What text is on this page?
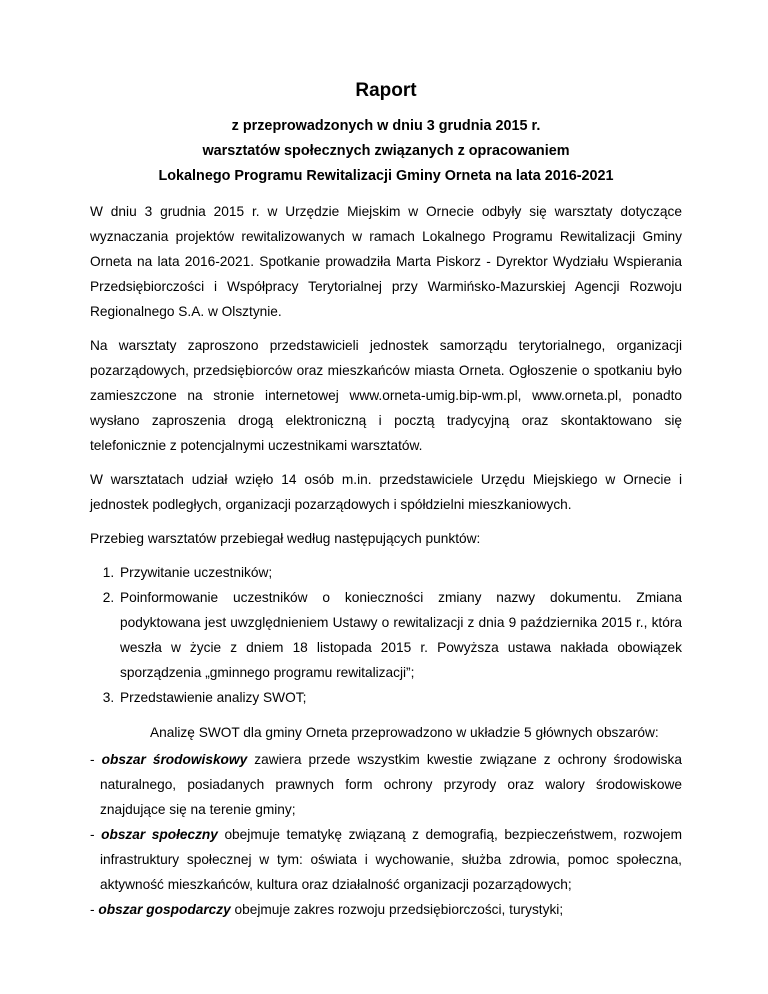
Raport
z przeprowadzonych w dniu 3 grudnia 2015 r.
warsztatów społecznych związanych z opracowaniem
Lokalnego Programu Rewitalizacji Gminy Orneta na lata 2016-2021

W dniu 3 grudnia 2015 r. w Urzędzie Miejskim w Ornecie odbyły się warsztaty dotyczące wyznaczania projektów rewitalizowanych w ramach Lokalnego Programu Rewitalizacji Gminy Orneta na lata 2016-2021. Spotkanie prowadziła Marta Piskorz - Dyrektor Wydziału Wspierania Przedsiębiorczości i Współpracy Terytorialnej przy Warmińsko-Mazurskiej Agencji Rozwoju Regionalnego S.A. w Olsztynie.

Na warsztaty zaproszono przedstawicieli jednostek samorządu terytorialnego, organizacji pozarządowych, przedsiębiorców oraz mieszkańców miasta Orneta. Ogłoszenie o spotkaniu było zamieszczone na stronie internetowej www.orneta-umig.bip-wm.pl, www.orneta.pl, ponadto wysłano zaproszenia drogą elektroniczną i pocztą tradycyjną oraz skontaktowano się telefonicznie z potencjalnymi uczestnikami warsztatów.

W warsztatach udział wzięło 14 osób m.in. przedstawiciele Urzędu Miejskiego w Ornecie i jednostek podległych, organizacji pozarządowych i spółdzielni mieszkaniowych.

Przebieg warsztatów przebiegał według następujących punktów:

1. Przywitanie uczestników;
2. Poinformowanie uczestników o konieczności zmiany nazwy dokumentu. Zmiana podyktowana jest uwzględnieniem Ustawy o rewitalizacji z dnia 9 października 2015 r., która weszła w życie z dniem 18 listopada 2015 r. Powyższa ustawa nakłada obowiązek sporządzenia „gminnego programu rewitalizacji”;
3. Przedstawienie analizy SWOT;

Analizę SWOT dla gminy Orneta przeprowadzono w układzie 5 głównych obszarów:

- obszar środowiskowy zawiera przede wszystkim kwestie związane z ochrony środowiska naturalnego, posiadanych prawnych form ochrony przyrody oraz walory środowiskowe znajdujące się na terenie gminy;
- obszar społeczny obejmuje tematykę związaną z demografią, bezpieczeństwem, rozwojem infrastruktury społecznej w tym: oświata i wychowanie, służba zdrowia, pomoc społeczna, aktywność mieszkańców, kultura oraz działalność organizacji pozarządowych;
- obszar gospodarczy obejmuje zakres rozwoju przedsiębiorczości, turystyki;
